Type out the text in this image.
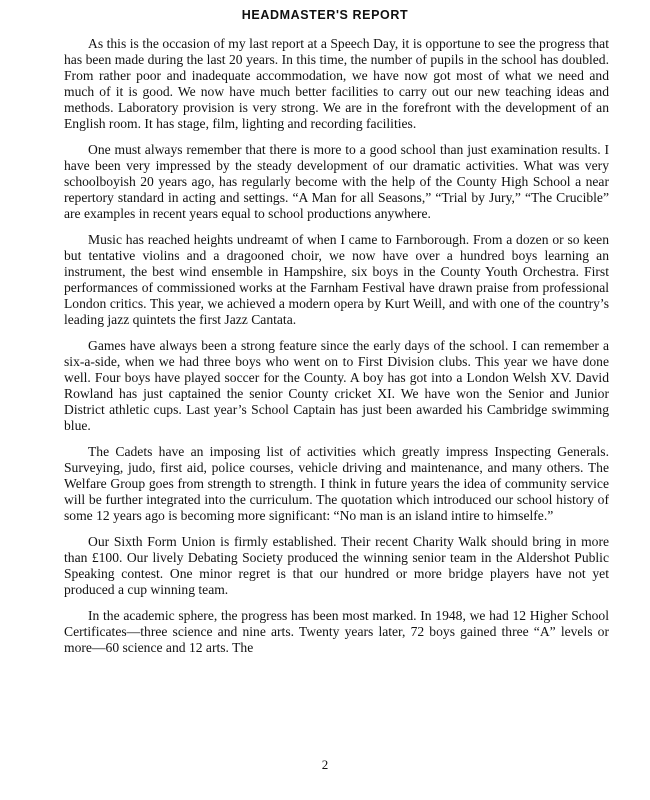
HEADMASTER'S REPORT

As this is the occasion of my last report at a Speech Day, it is opportune to see the progress that has been made during the last 20 years. In this time, the number of pupils in the school has doubled. From rather poor and inadequate accommodation, we have now got most of what we need and much of it is good. We now have much better facilities to carry out our new teaching ideas and methods. Laboratory provision is very strong. We are in the forefront with the development of an English room. It has stage, film, lighting and recording facilities.

One must always remember that there is more to a good school than just examination results. I have been very impressed by the steady development of our dramatic activities. What was very schoolboyish 20 years ago, has regularly become with the help of the County High School a near repertory standard in acting and settings. “A Man for all Seasons,” “Trial by Jury,” “The Crucible” are examples in recent years equal to school productions anywhere.

Music has reached heights undreamt of when I came to Farnborough. From a dozen or so keen but tentative violins and a dragooned choir, we now have over a hundred boys learning an instrument, the best wind ensemble in Hampshire, six boys in the County Youth Orchestra. First performances of commissioned works at the Farnham Festival have drawn praise from professional London critics. This year, we achieved a modern opera by Kurt Weill, and with one of the country’s leading jazz quintets the first Jazz Cantata.

Games have always been a strong feature since the early days of the school. I can remember a six-a-side, when we had three boys who went on to First Division clubs. This year we have done well. Four boys have played soccer for the County. A boy has got into a London Welsh XV. David Rowland has just captained the senior County cricket XI. We have won the Senior and Junior District athletic cups. Last year’s School Captain has just been awarded his Cambridge swimming blue.

The Cadets have an imposing list of activities which greatly impress Inspecting Generals. Surveying, judo, first aid, police courses, vehicle driving and maintenance, and many others. The Welfare Group goes from strength to strength. I think in future years the idea of community service will be further integrated into the curriculum. The quotation which introduced our school history of some 12 years ago is becoming more significant: “No man is an island intire to himselfe.”

Our Sixth Form Union is firmly established. Their recent Charity Walk should bring in more than £100. Our lively Debating Society produced the winning senior team in the Aldershot Public Speaking contest. One minor regret is that our hundred or more bridge players have not yet produced a cup winning team.

In the academic sphere, the progress has been most marked. In 1948, we had 12 Higher School Certificates—three science and nine arts. Twenty years later, 72 boys gained three “A” levels or more—60 science and 12 arts. The

2
